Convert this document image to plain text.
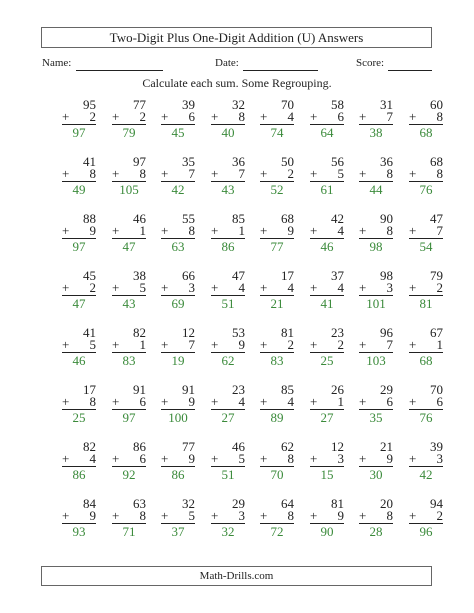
Two-Digit Plus One-Digit Addition (U) Answers
Name:	Date:	Score:
Calculate each sum. Some Regrouping.
95
+ 2
97
77
+ 2
79
39
+ 6
45
32
+ 8
40
70
+ 4
74
58
+ 6
64
31
+ 7
38
60
+ 8
68
41
+ 8
49
97
+ 8
105
35
+ 7
42
36
+ 7
43
50
+ 2
52
56
+ 5
61
36
+ 8
44
68
+ 8
76
88
+ 9
97
46
+ 1
47
55
+ 8
63
85
+ 1
86
68
+ 9
77
42
+ 4
46
90
+ 8
98
47
+ 7
54
45
+ 2
47
38
+ 5
43
66
+ 3
69
47
+ 4
51
17
+ 4
21
37
+ 4
41
98
+ 3
101
79
+ 2
81
41
+ 5
46
82
+ 1
83
12
+ 7
19
53
+ 9
62
81
+ 2
83
23
+ 2
25
96
+ 7
103
67
+ 1
68
17
+ 8
25
91
+ 6
97
91
+ 9
100
23
+ 4
27
85
+ 4
89
26
+ 1
27
29
+ 6
35
70
+ 6
76
82
+ 4
86
86
+ 6
92
77
+ 9
86
46
+ 5
51
62
+ 8
70
12
+ 3
15
21
+ 9
30
39
+ 3
42
84
+ 9
93
63
+ 8
71
32
+ 5
37
29
+ 3
32
64
+ 8
72
81
+ 9
90
20
+ 8
28
94
+ 2
96
Math-Drills.com
